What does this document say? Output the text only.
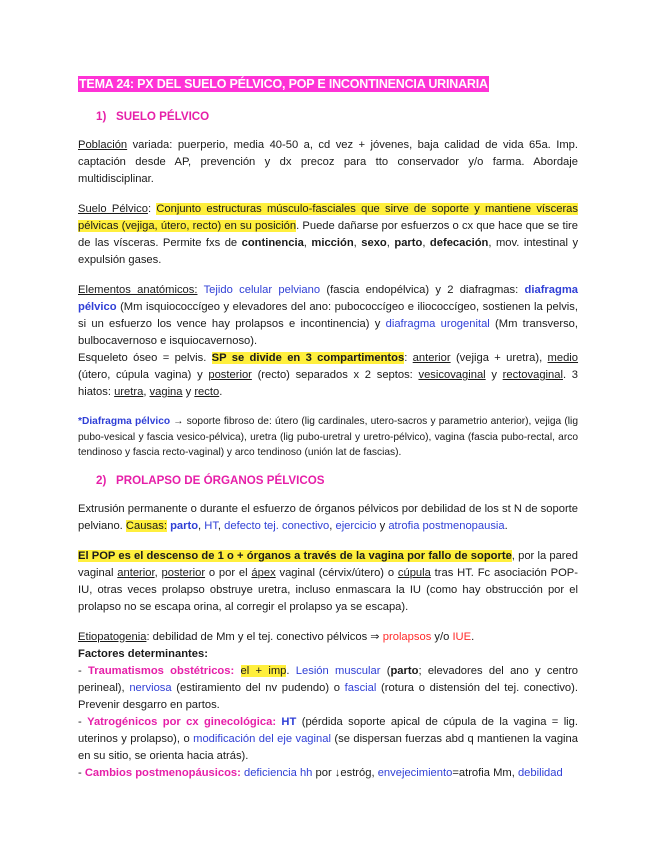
TEMA 24: PX DEL SUELO PÉLVICO, POP E INCONTINENCIA URINARIA
1) SUELO PÉLVICO

Población variada: puerperio, media 40-50 a, cd vez + jóvenes, baja calidad de vida 65a. Imp. captación desde AP, prevención y dx precoz para tto conservador y/o farma. Abordaje multidisciplinar.

Suelo Pélvico: Conjunto estructuras músculo-fasciales que sirve de soporte y mantiene vísceras pélvicas (vejiga, útero, recto) en su posición. Puede dañarse por esfuerzos o cx que hace que se tire de las vísceras. Permite fxs de continencia, micción, sexo, parto, defecación, mov. intestinal y expulsión gases.

Elementos anatómicos: Tejido celular pelviano (fascia endopélvica) y 2 diafragmas: diafragma pélvico (Mm isquiococcígeo y elevadores del ano: pubococcígeo e iliococcígeo, sostienen la pelvis, si un esfuerzo los vence hay prolapsos e incontinencia) y diafragma urogenital (Mm transverso, bulbocavernoso e isquiocavernoso).

Esqueleto óseo = pelvis. SP se divide en 3 compartimentos: anterior (vejiga + uretra), medio (útero, cúpula vagina) y posterior (recto) separados x 2 septos: vesicovaginal y rectovaginal. 3 hiatos: uretra, vagina y recto.

*Diafragma pélvico → soporte fibroso de: útero (lig cardinales, utero-sacros y parametrio anterior), vejiga (lig pubo-vesical y fascia vesico-pélvica), uretra (lig pubo-uretral y uretro-pélvico), vagina (fascia pubo-rectal, arco tendinoso y fascia recto-vaginal) y arco tendinoso (unión lat de fascias).

2) PROLAPSO DE ÓRGANOS PÉLVICOS

Extrusión permanente o durante el esfuerzo de órganos pélvicos por debilidad de los st N de soporte pelviano. Causas: parto, HT, defecto tej. conectivo, ejercicio y atrofia postmenopausia.

El POP es el descenso de 1 o + órganos a través de la vagina por fallo de soporte, por la pared vaginal anterior, posterior o por el ápex vaginal (cérvix/útero) o cúpula tras HT. Fc asociación POP-IU, otras veces prolapso obstruye uretra, incluso enmascara la IU (como hay obstrucción por el prolapso no se escapa orina, al corregir el prolapso ya se escapa).

Etiopatogenia: debilidad de Mm y el tej. conectivo pélvicos ⇒ prolapsos y/o IUE.

Factores determinantes:

- Traumatismos obstétricos: el + imp. Lesión muscular (parto; elevadores del ano y centro perineal), nerviosa (estiramiento del nv pudendo) o fascial (rotura o distensión del tej. conectivo). Prevenir desgarro en partos.

- Yatrogénicos por cx ginecológica: HT (pérdida soporte apical de cúpula de la vagina = lig. uterinos y prolapso), o modificación del eje vaginal (se dispersan fuerzas abd q mantienen la vagina en su sitio, se orienta hacia atrás).

- Cambios postmenopáusicos: deficiencia hh por ↓estróg, envejecimiento=atrofia Mm, debilidad
